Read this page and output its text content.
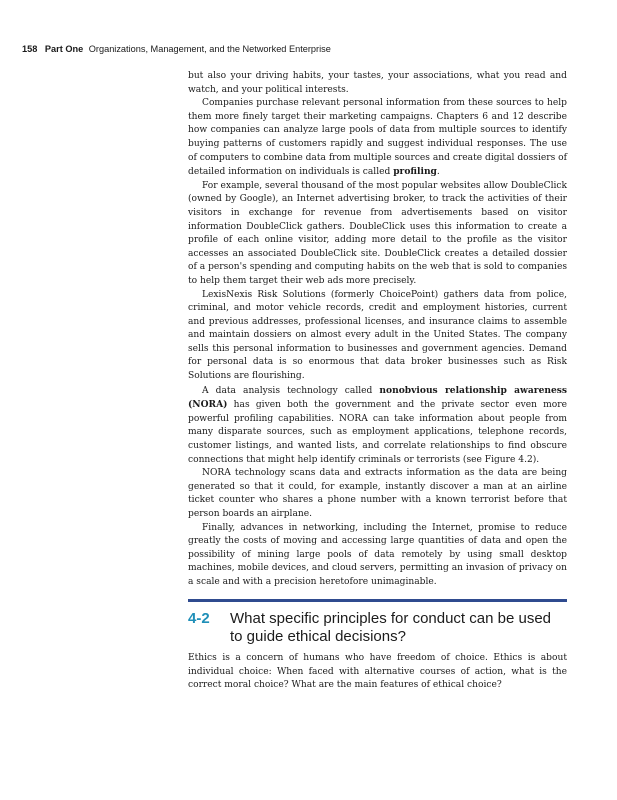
158 Part One Organizations, Management, and the Networked Enterprise

but also your driving habits, your tastes, your associations, what you read and watch, and your political interests.

Companies purchase relevant personal information from these sources to help them more finely target their marketing campaigns. Chapters 6 and 12 describe how companies can analyze large pools of data from multiple sources to identify buying patterns of customers rapidly and suggest individual responses. The use of computers to combine data from multiple sources and create digital dossiers of detailed information on individuals is called profiling.

For example, several thousand of the most popular websites allow DoubleClick (owned by Google), an Internet advertising broker, to track the activities of their visitors in exchange for revenue from advertisements based on visitor information DoubleClick gathers. DoubleClick uses this information to create a profile of each online visitor, adding more detail to the profile as the visitor accesses an associated DoubleClick site. DoubleClick creates a detailed dossier of a person's spending and computing habits on the web that is sold to companies to help them target their web ads more precisely.

LexisNexis Risk Solutions (formerly ChoicePoint) gathers data from police, criminal, and motor vehicle records, credit and employment histories, current and previous addresses, professional licenses, and insurance claims to assemble and maintain dossiers on almost every adult in the United States. The company sells this personal information to businesses and government agencies. Demand for personal data is so enormous that data broker businesses such as Risk Solutions are flourishing.

A data analysis technology called nonobvious relationship awareness (NORA) has given both the government and the private sector even more powerful profiling capabilities. NORA can take information about people from many disparate sources, such as employment applications, telephone records, customer listings, and wanted lists, and correlate relationships to find obscure connections that might help identify criminals or terrorists (see Figure 4.2).

NORA technology scans data and extracts information as the data are being generated so that it could, for example, instantly discover a man at an airline ticket counter who shares a phone number with a known terrorist before that person boards an airplane.

Finally, advances in networking, including the Internet, promise to reduce greatly the costs of moving and accessing large quantities of data and open the possibility of mining large pools of data remotely by using small desktop machines, mobile devices, and cloud servers, permitting an invasion of privacy on a scale and with a precision heretofore unimaginable.

4-2 What specific principles for conduct can be used to guide ethical decisions?

Ethics is a concern of humans who have freedom of choice. Ethics is about individual choice: When faced with alternative courses of action, what is the correct moral choice? What are the main features of ethical choice?
